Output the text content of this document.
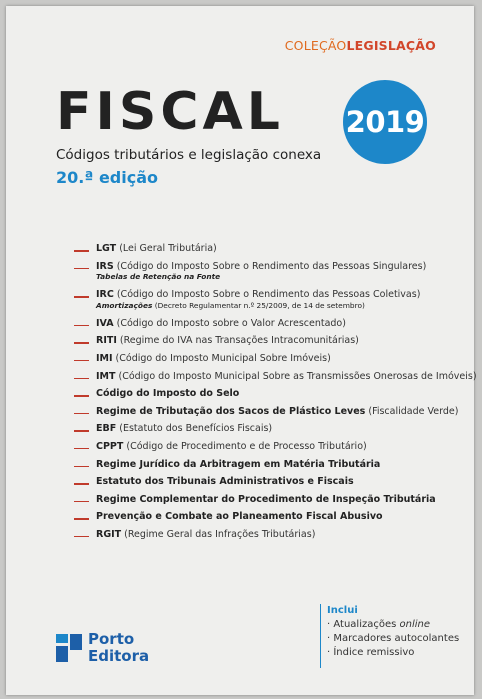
COLEÇÃOLEGISLAÇÃO
FISCAL

Códigos tributários e legislação conexa

20.ª edição

2019
LGT (Lei Geral Tributária)
IRS (Código do Imposto Sobre o Rendimento das Pessoas Singulares)
Tabelas de Retenção na Fonte
IRC (Código do Imposto Sobre o Rendimento das Pessoas Coletivas)
Amortizações (Decreto Regulamentar n.º 25/2009, de 14 de setembro)
IVA (Código do Imposto sobre o Valor Acrescentado)
RITI (Regime do IVA nas Transações Intracomunitárias)
IMI (Código do Imposto Municipal Sobre Imóveis)
IMT (Código do Imposto Municipal Sobre as Transmissões Onerosas de Imóveis)
Código do Imposto do Selo
Regime de Tributação dos Sacos de Plástico Leves (Fiscalidade Verde)
EBF (Estatuto dos Benefícios Fiscais)
CPPT (Código de Procedimento e de Processo Tributário)
Regime Jurídico da Arbitragem em Matéria Tributária
Estatuto dos Tribunais Administrativos e Fiscais
Regime Complementar do Procedimento de Inspeção Tributária
Prevenção e Combate ao Planeamento Fiscal Abusivo
RGIT (Regime Geral das Infrações Tributárias)
Inclui
· Atualizações online
· Marcadores autocolantes
· Índice remissivo
Porto
Editora
